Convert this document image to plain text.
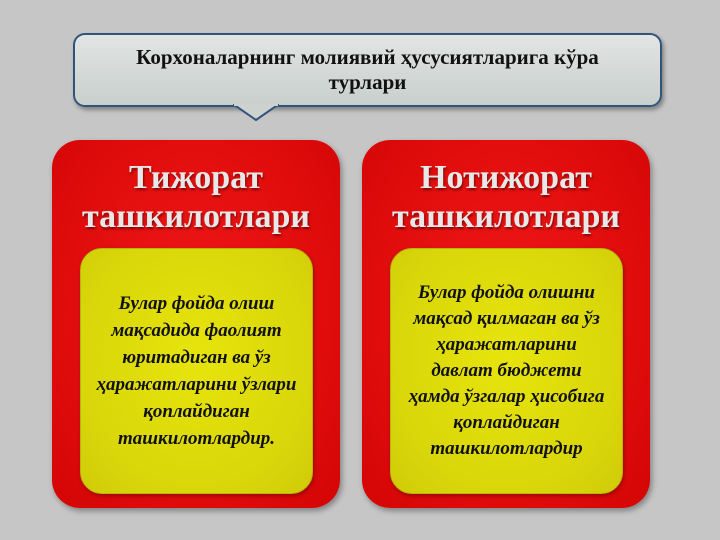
Корхоналарнинг молиявий ҳусусиятларига кўра турлари
Тижорат ташкилотлари
Булар фойда олиш мақсадида фаолият юритадиган ва ўз ҳаражатларини ўзлари қоплайдиган ташкилотлардир.
Нотижорат ташкилотлари
Булар фойда олишни мақсад қилмаган ва ўз ҳаражатларини давлат бюджети ҳамда ўзгалар ҳисобига қоплайдиган ташкилотлардир
